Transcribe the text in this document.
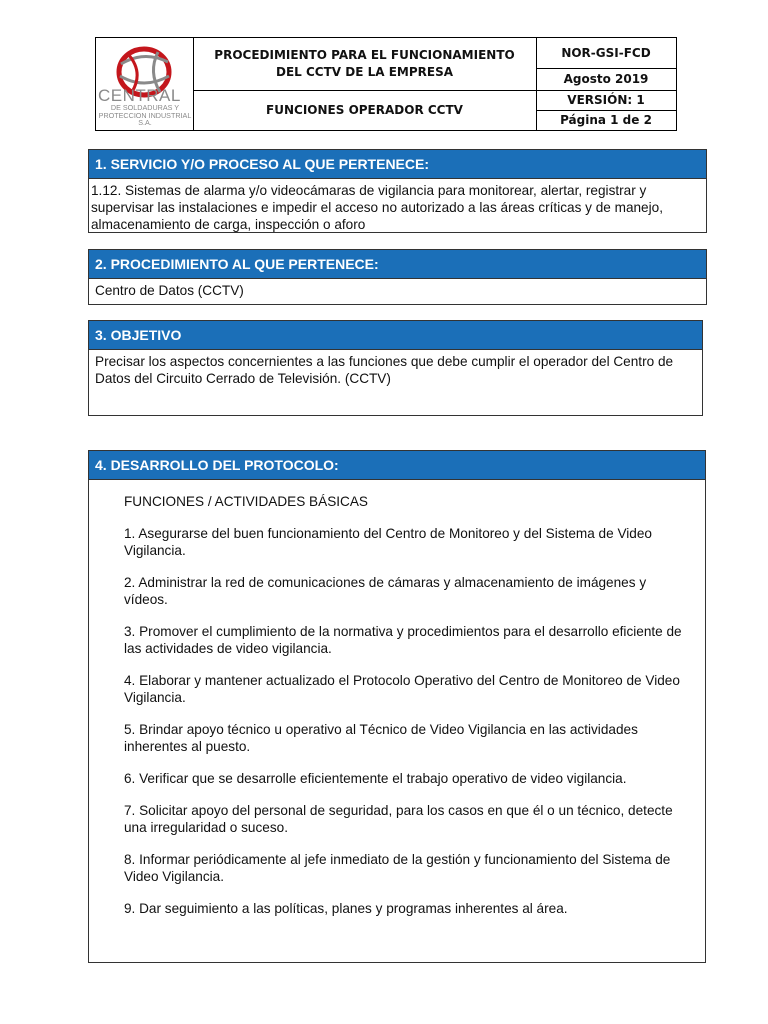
CENTRAL
DE SOLDADURAS Y PROTECCION INDUSTRIAL S.A.
PROCEDIMIENTO PARA EL FUNCIONAMIENTO DEL CCTV DE LA EMPRESA
FUNCIONES OPERADOR CCTV
NOR-GSI-FCD
Agosto 2019
VERSIÓN: 1
Página 1 de 2
1. SERVICIO Y/O PROCESO AL QUE PERTENECE:
1.12. Sistemas de alarma y/o videocámaras de vigilancia para monitorear, alertar, registrar y supervisar las instalaciones e impedir el acceso no autorizado a las áreas críticas y de manejo, almacenamiento de carga, inspección o aforo
2. PROCEDIMIENTO AL QUE PERTENECE:
Centro de Datos (CCTV)
3. OBJETIVO
Precisar los aspectos concernientes a las funciones que debe cumplir el operador del Centro de Datos del Circuito Cerrado de Televisión. (CCTV)
4. DESARROLLO DEL PROTOCOLO:
FUNCIONES / ACTIVIDADES BÁSICAS
1. Asegurarse del buen funcionamiento del Centro de Monitoreo y del Sistema de Video Vigilancia.
2. Administrar la red de comunicaciones de cámaras y almacenamiento de imágenes y vídeos.
3. Promover el cumplimiento de la normativa y procedimientos para el desarrollo eficiente de las actividades de video vigilancia.
4. Elaborar y mantener actualizado el Protocolo Operativo del Centro de Monitoreo de Video Vigilancia.
5. Brindar apoyo técnico u operativo al Técnico de Video Vigilancia en las actividades inherentes al puesto.
6. Verificar que se desarrolle eficientemente el trabajo operativo de video vigilancia.
7. Solicitar apoyo del personal de seguridad, para los casos en que él o un técnico, detecte una irregularidad o suceso.
8. Informar periódicamente al jefe inmediato de la gestión y funcionamiento del Sistema de Video Vigilancia.
9. Dar seguimiento a las políticas, planes y programas inherentes al área.
